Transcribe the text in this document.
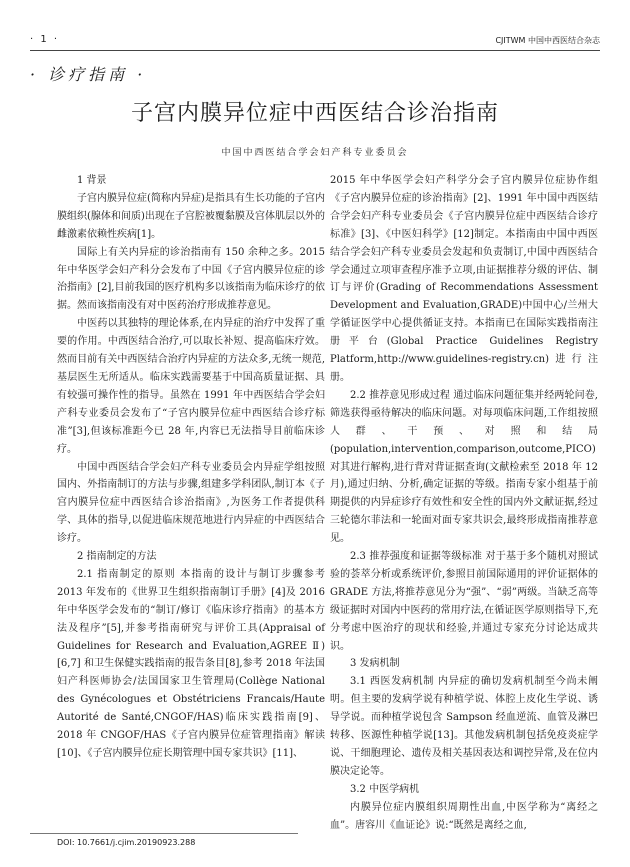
· 1 ·	CJITWM 中国中西医结合杂志
· 诊疗指南 ·
子宫内膜异位症中西医结合诊治指南
中国中西医结合学会妇产科专业委员会

1 背景

子宫内膜异位症(简称内异症)是指具有生长功能的子宫内膜组织(腺体和间质)出现在子宫腔被覆黏膜及宫体肌层以外的雌激素依赖性疾病[1]。

国际上有关内异症的诊治指南有 150 余种之多。2015 年中华医学会妇产科分会发布了中国《子宫内膜异位症的诊治指南》[2],目前我国的医疗机构多以该指南为临床诊疗的依据。然而该指南没有对中医药治疗形成推荐意见。

中医药以其独特的理论体系,在内异症的治疗中发挥了重要的作用。中西医结合治疗,可以取长补短、提高临床疗效。然而目前有关中西医结合治疗内异症的方法众多,无统一规范,基层医生无所适从。临床实践需要基于中国高质量证据、具有较强可操作性的指导。虽然在 1991 年中西医结合学会妇产科专业委员会发布了“子宫内膜异位症中西医结合诊疗标准”[3],但该标准距今已 28 年,内容已无法指导目前临床诊疗。

中国中西医结合学会妇产科专业委员会内异症学组按照国内、外指南制订的方法与步骤,组建多学科团队,制订本《子宫内膜异位症中西医结合诊治指南》,为医务工作者提供科学、具体的指导,以促进临床规范地进行内异症的中西医结合诊疗。

2 指南制定的方法

2.1 指南制定的原则 本指南的设计与制订步骤参考 2013 年发布的《世界卫生组织指南制订手册》[4]及 2016 年中华医学会发布的“制订/修订《临床诊疗指南》的基本方法及程序”[5],并参考指南研究与评价工具(Appraisal of Guidelines for Research and Evaluation,AGREE Ⅱ)[6,7] 和卫生保健实践指南的报告条目[8],参考 2018 年法国妇产科医师协会/法国国家卫生管理局(Collège National des Gynécologues et Obstétriciens Francais/Haute Autorité de Santé,CNGOF/HAS)临床实践指南[9]、2018 年 CNGOF/HAS《子宫内膜异位症管理指南》解读[10]、《子宫内膜异位症长期管理中国专家共识》[11]、

2015 年中华医学会妇产科学分会子宫内膜异位症协作组《子宫内膜异位症的诊治指南》[2]、1991 年中国中西医结合学会妇产科专业委员会《子宫内膜异位症中西医结合诊疗标准》[3]、《中医妇科学》[12]制定。本指南由中国中西医结合学会妇产科专业委员会发起和负责制订,中国中西医结合学会通过立项审查程序准予立项,由证据推荐分级的评估、制订与评价(Grading of Recommendations Assessment Development and Evaluation,GRADE)中国中心/兰州大学循证医学中心提供循证支持。本指南已在国际实践指南注册平台(Global Practice Guidelines Registry Platform,http://www.guidelines-registry.cn)进行注册。

2.2 推荐意见形成过程 通过临床问题征集并经两轮问卷,筛选获得亟待解决的临床问题。对每项临床问题,工作组按照人群、干预、对照和结局(population,intervention,comparison,outcome,PICO)对其进行解构,进行背对背证据查询(文献检索至 2018 年 12 月),通过归纳、分析,确定证据的等级。指南专家小组基于前期提供的内异症诊疗有效性和安全性的国内外文献证据,经过三轮德尔菲法和一轮面对面专家共识会,最终形成指南推荐意见。

2.3 推荐强度和证据等级标准 对于基于多个随机对照试验的荟萃分析或系统评价,参照目前国际通用的评价证据体的 GRADE 方法,将推荐意见分为“强”、“弱”两级。当缺乏高等级证据时对国内中医药的常用疗法,在循证医学原则指导下,充分考虑中医治疗的现状和经验,并通过专家充分讨论达成共识。

3 发病机制

3.1 西医发病机制 内异症的确切发病机制至今尚未阐明。但主要的发病学说有种植学说、体腔上皮化生学说、诱导学说。而种植学说包含 Sampson 经血逆流、血管及淋巴转移、医源性种植学说[13]。其他发病机制包括免疫炎症学说、干细胞理论、遗传及相关基因表达和调控异常,及在位内膜决定论等。

3.2 中医学病机

内膜异位症内膜组织周期性出血,中医学称为“离经之血”。唐容川《血证论》说:“既然是离经之血,

DOI: 10.7661/j.cjim.20190923.288
